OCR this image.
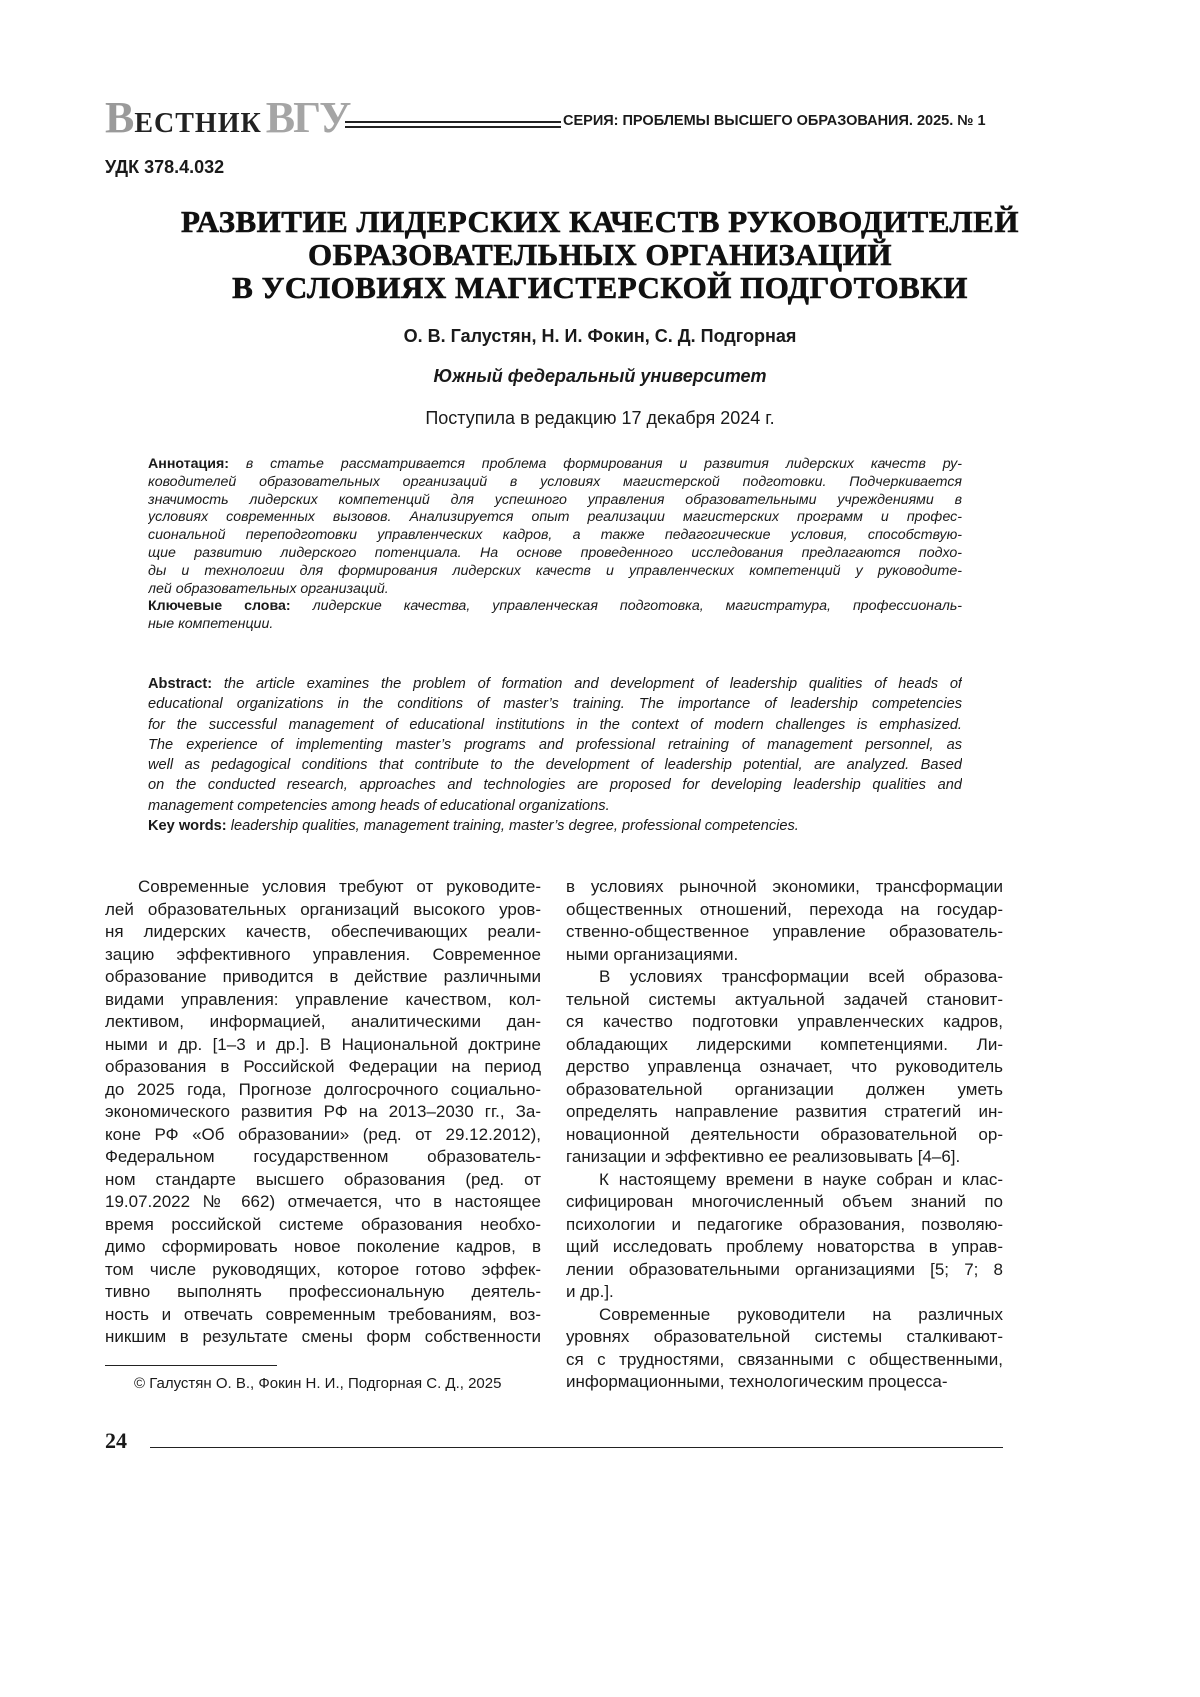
ВЕСТНИК ВГУ	СЕРИЯ: ПРОБЛЕМЫ ВЫСШЕГО ОБРАЗОВАНИЯ. 2025. № 1
УДК 378.4.032
РАЗВИТИЕ ЛИДЕРСКИХ КАЧЕСТВ РУКОВОДИТЕЛЕЙ
ОБРАЗОВАТЕЛЬНЫХ ОРГАНИЗАЦИЙ
В УСЛОВИЯХ МАГИСТЕРСКОЙ ПОДГОТОВКИ
О. В. Галустян, Н. И. Фокин, С. Д. Подгорная
Южный федеральный университет
Поступила в редакцию 17 декабря 2024 г.
Аннотация: в статье рассматривается проблема формирования и развития лидерских качеств ру-
ководителей образовательных организаций в условиях магистерской подготовки. Подчеркивается
значимость лидерских компетенций для успешного управления образовательными учреждениями в
условиях современных вызовов. Анализируется опыт реализации магистерских программ и профес-
сиональной переподготовки управленческих кадров, а также педагогические условия, способствую-
щие развитию лидерского потенциала. На основе проведенного исследования предлагаются подхо-
ды и технологии для формирования лидерских качеств и управленческих компетенций у руководите-
лей образовательных организаций.
Ключевые слова: лидерские качества, управленческая подготовка, магистратура, профессиональ-
ные компетенции.
Abstract: the article examines the problem of formation and development of leadership qualities of heads of
educational organizations in the conditions of master’s training. The importance of leadership competencies
for the successful management of educational institutions in the context of modern challenges is emphasized.
The experience of implementing master’s programs and professional retraining of management personnel, as
well as pedagogical conditions that contribute to the development of leadership potential, are analyzed. Based
on the conducted research, approaches and technologies are proposed for developing leadership qualities and
management competencies among heads of educational organizations.
Key words: leadership qualities, management training, master’s degree, professional competencies.
Современные условия требуют от руководите-
лей образовательных организаций высокого уров-
ня лидерских качеств, обеспечивающих реали-
зацию эффективного управления. Современное
образование приводится в действие различными
видами управления: управление качеством, кол-
лективом, информацией, аналитическими дан-
ными и др. [1–3 и др.]. В Национальной доктрине
образования в Российской Федерации на период
до 2025 года, Прогнозе долгосрочного социально-
экономического развития РФ на 2013–2030 гг., За-
коне РФ «Об образовании» (ред. от 29.12.2012),
Федеральном государственном образователь-
ном стандарте высшего образования (ред. от
19.07.2022 № 662) отмечается, что в настоящее
время российской системе образования необхо-
димо сформировать новое поколение кадров, в
том числе руководящих, которое готово эффек-
тивно выполнять профессиональную деятель-
ность и отвечать современным требованиям, воз-
никшим в результате смены форм собственности
в условиях рыночной экономики, трансформации
общественных отношений, перехода на государ-
ственно-общественное управление образователь-
ными организациями.
В условиях трансформации всей образова-
тельной системы актуальной задачей становит-
ся качество подготовки управленческих кадров,
обладающих лидерскими компетенциями. Ли-
дерство управленца означает, что руководитель
образовательной организации должен уметь
определять направление развития стратегий ин-
новационной деятельности образовательной ор-
ганизации и эффективно ее реализовывать [4–6].
К настоящему времени в науке собран и клас-
сифицирован многочисленный объем знаний по
психологии и педагогике образования, позволяю-
щий исследовать проблему новаторства в управ-
лении образовательными организациями [5; 7; 8
и др.].
Современные руководители на различных
уровнях образовательной системы сталкивают-
ся с трудностями, связанными с общественными,
информационными, технологическим процесса-
© Галустян О. В., Фокин Н. И., Подгорная С. Д., 2025
24
